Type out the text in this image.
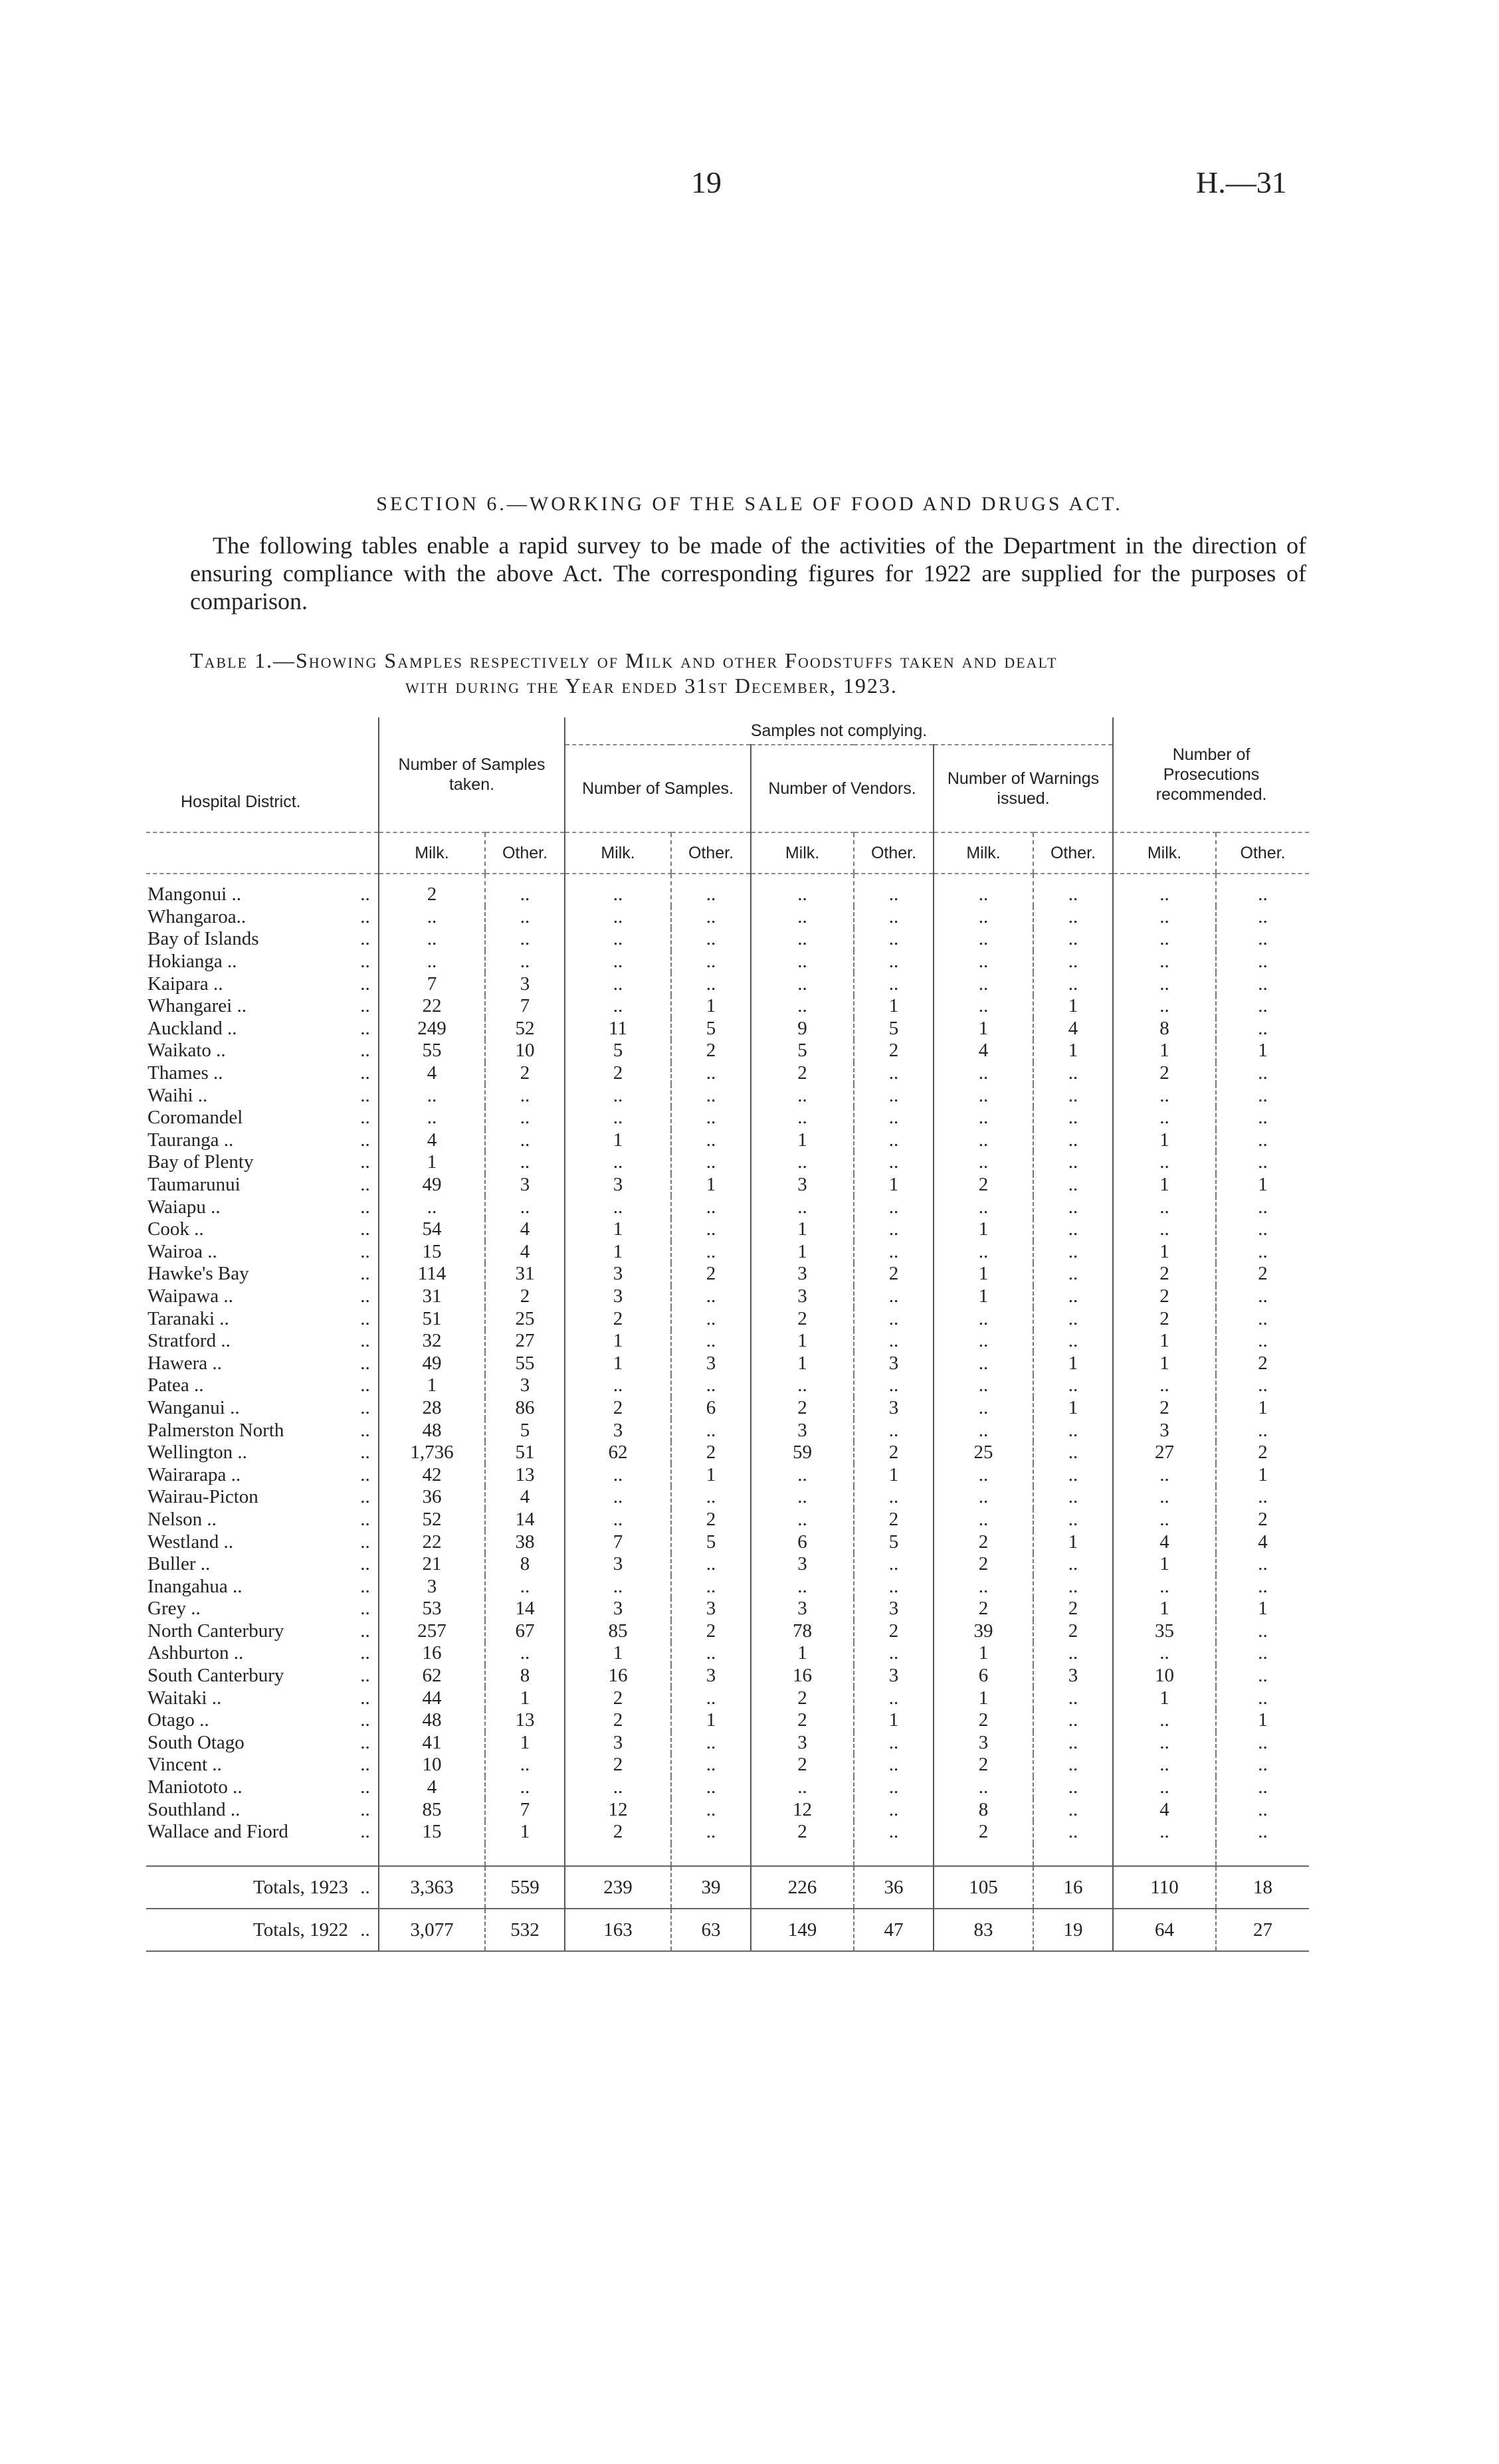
19	H.—31
SECTION 6.—WORKING OF THE SALE OF FOOD AND DRUGS ACT.
The following tables enable a rapid survey to be made of the activities of the Department in the direction of ensuring compliance with the above Act. The corresponding figures for 1922 are supplied for the purposes of comparison.
Table 1.—Showing Samples respectively of Milk and other Foodstuffs taken and dealt
with during the Year ended 31st December, 1923.
Hospital District.		Number of Samples taken.		Samples not complying.						Number of Prosecutions recommended.	
				Number of Samples.		Number of Vendors.		Number of Warnings issued.			
		Milk.	Other.	Milk.	Other.	Milk.	Other.	Milk.	Other.	Milk.	Other.
Mangonui ..	..	2	..	..	..	..	..	..	..	..	..
Whangaroa..	..	..	..	..	..	..	..	..	..	..	..
Bay of Islands	..	..	..	..	..	..	..	..	..	..	..
Hokianga ..	..	..	..	..	..	..	..	..	..	..	..
Kaipara ..	..	7	3	..	..	..	..	..	..	..	..
Whangarei ..	..	22	7	..	1	..	1	..	1	..	..
Auckland ..	..	249	52	11	5	9	5	1	4	8	..
Waikato ..	..	55	10	5	2	5	2	4	1	1	1
Thames ..	..	4	2	2	..	2	..	..	..	2	..
Waihi ..	..	..	..	..	..	..	..	..	..	..	..
Coromandel	..	..	..	..	..	..	..	..	..	..	..
Tauranga ..	..	4	..	1	..	1	..	..	..	1	..
Bay of Plenty	..	1	..	..	..	..	..	..	..	..	..
Taumarunui	..	49	3	3	1	3	1	2	..	1	1
Waiapu ..	..	..	..	..	..	..	..	..	..	..	..
Cook ..	..	54	4	1	..	1	..	1	..	..	..
Wairoa ..	..	15	4	1	..	1	..	..	..	1	..
Hawke's Bay	..	114	31	3	2	3	2	1	..	2	2
Waipawa ..	..	31	2	3	..	3	..	1	..	2	..
Taranaki ..	..	51	25	2	..	2	..	..	..	2	..
Stratford ..	..	32	27	1	..	1	..	..	..	1	..
Hawera ..	..	49	55	1	3	1	3	..	1	1	2
Patea ..	..	1	3	..	..	..	..	..	..	..	..
Wanganui ..	..	28	86	2	6	2	3	..	1	2	1
Palmerston North	..	48	5	3	..	3	..	..	..	3	..
Wellington ..	..	1,736	51	62	2	59	2	25	..	27	2
Wairarapa ..	..	42	13	..	1	..	1	..	..	..	1
Wairau-Picton	..	36	4	..	..	..	..	..	..	..	..
Nelson ..	..	52	14	..	2	..	2	..	..	..	2
Westland ..	..	22	38	7	5	6	5	2	1	4	4
Buller ..	..	21	8	3	..	3	..	2	..	1	..
Inangahua ..	..	3	..	..	..	..	..	..	..	..	..
Grey ..	..	53	14	3	3	3	3	2	2	1	1
North Canterbury	..	257	67	85	2	78	2	39	2	35	..
Ashburton ..	..	16	..	1	..	1	..	1	..	..	..
South Canterbury	..	62	8	16	3	16	3	6	3	10	..
Waitaki ..	..	44	1	2	..	2	..	1	..	1	..
Otago ..	..	48	13	2	1	2	1	2	..	..	1
South Otago	..	41	1	3	..	3	..	3	..	..	..
Vincent ..	..	10	..	2	..	2	..	2	..	..	..
Maniototo ..	..	4	..	..	..	..	..	..	..	..	..
Southland ..	..	85	7	12	..	12	..	8	..	4	..
Wallace and Fiord	..	15	1	2	..	2	..	2	..	..	..

Totals, 1923	..	3,363	559	239	39	226	36	105	16	110	18
Totals, 1922	..	3,077	532	163	63	149	47	83	19	64	27
